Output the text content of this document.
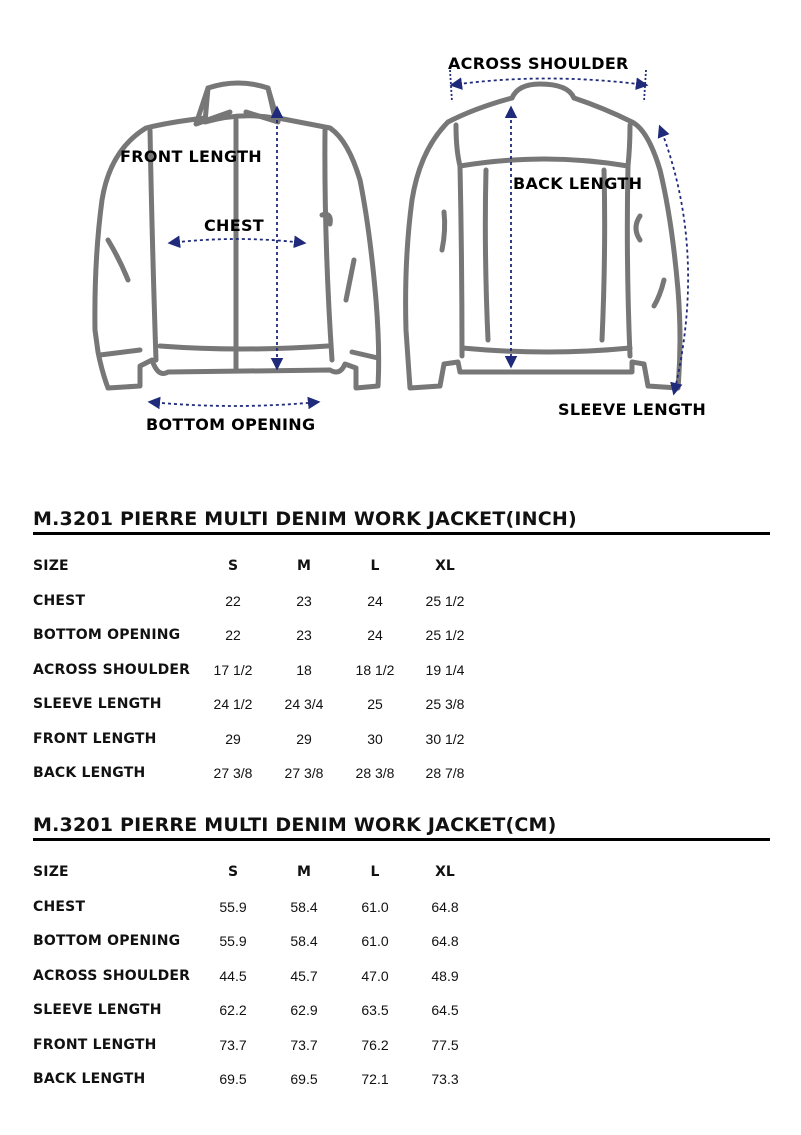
FRONT LENGTH
CHEST
BOTTOM OPENING
ACROSS SHOULDER
BACK LENGTH
SLEEVE LENGTH
M.3201 PIERRE MULTI DENIM WORK JACKET(INCH)
SIZE	S	M	L	XL
CHEST	22	23	24	25 1/2
BOTTOM OPENING	22	23	24	25 1/2
ACROSS SHOULDER	17 1/2	18	18 1/2	19 1/4
SLEEVE LENGTH	24 1/2	24 3/4	25	25 3/8
FRONT LENGTH	29	29	30	30 1/2
BACK LENGTH	27 3/8	27 3/8	28 3/8	28 7/8
M.3201 PIERRE MULTI DENIM WORK JACKET(CM)
SIZE	S	M	L	XL
CHEST	55.9	58.4	61.0	64.8
BOTTOM OPENING	55.9	58.4	61.0	64.8
ACROSS SHOULDER	44.5	45.7	47.0	48.9
SLEEVE LENGTH	62.2	62.9	63.5	64.5
FRONT LENGTH	73.7	73.7	76.2	77.5
BACK LENGTH	69.5	69.5	72.1	73.3
